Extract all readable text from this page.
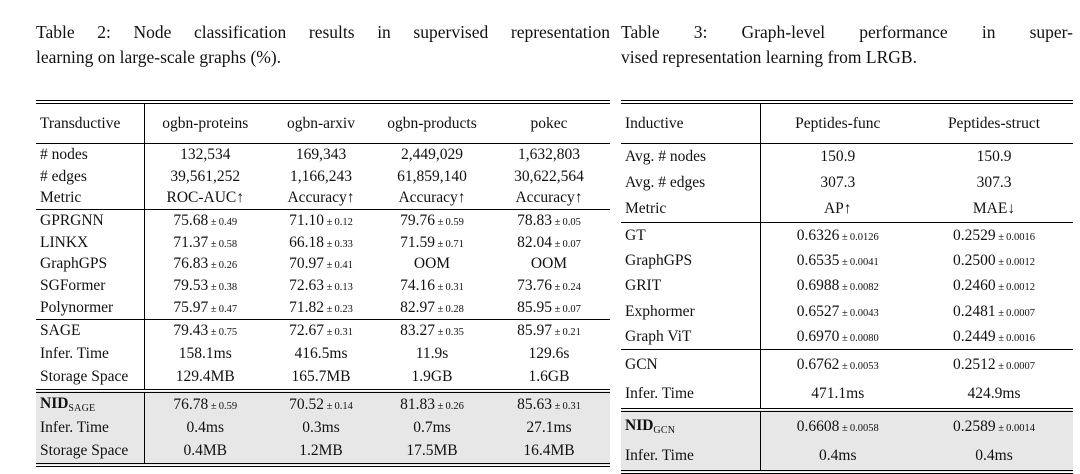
Table 2: Node classification results in supervised representation
learning on large-scale graphs (%).

Transductive	ogbn-proteins	ogbn-arxiv	ogbn-products	pokec
# nodes	132,534	169,343	2,449,029	1,632,803
# edges	39,561,252	1,166,243	61,859,140	30,622,564
Metric	ROC-AUC↑	Accuracy↑	Accuracy↑	Accuracy↑
GPRGNN	75.68 ± 0.49	71.10 ± 0.12	79.76 ± 0.59	78.83 ± 0.05
LINKX	71.37 ± 0.58	66.18 ± 0.33	71.59 ± 0.71	82.04 ± 0.07
GraphGPS	76.83 ± 0.26	70.97 ± 0.41	OOM	OOM
SGFormer	79.53 ± 0.38	72.63 ± 0.13	74.16 ± 0.31	73.76 ± 0.24
Polynormer	75.97 ± 0.47	71.82 ± 0.23	82.97 ± 0.28	85.95 ± 0.07
SAGE	79.43 ± 0.75	72.67 ± 0.31	83.27 ± 0.35	85.97 ± 0.21
Infer. Time	158.1ms	416.5ms	11.9s	129.6s
Storage Space	129.4MB	165.7MB	1.9GB	1.6GB
NIDSAGE	76.78 ± 0.59	70.52 ± 0.14	81.83 ± 0.26	85.63 ± 0.31
Infer. Time	0.4ms	0.3ms	0.7ms	27.1ms
Storage Space	0.4MB	1.2MB	17.5MB	16.4MB

Table 3: Graph-level performance in super-
vised representation learning from LRGB.

Inductive	Peptides-func	Peptides-struct
Avg. # nodes	150.9	150.9
Avg. # edges	307.3	307.3
Metric	AP↑	MAE↓
GT	0.6326 ± 0.0126	0.2529 ± 0.0016
GraphGPS	0.6535 ± 0.0041	0.2500 ± 0.0012
GRIT	0.6988 ± 0.0082	0.2460 ± 0.0012
Exphormer	0.6527 ± 0.0043	0.2481 ± 0.0007
Graph ViT	0.6970 ± 0.0080	0.2449 ± 0.0016
GCN	0.6762 ± 0.0053	0.2512 ± 0.0007
Infer. Time	471.1ms	424.9ms
NIDGCN	0.6608 ± 0.0058	0.2589 ± 0.0014
Infer. Time	0.4ms	0.4ms
